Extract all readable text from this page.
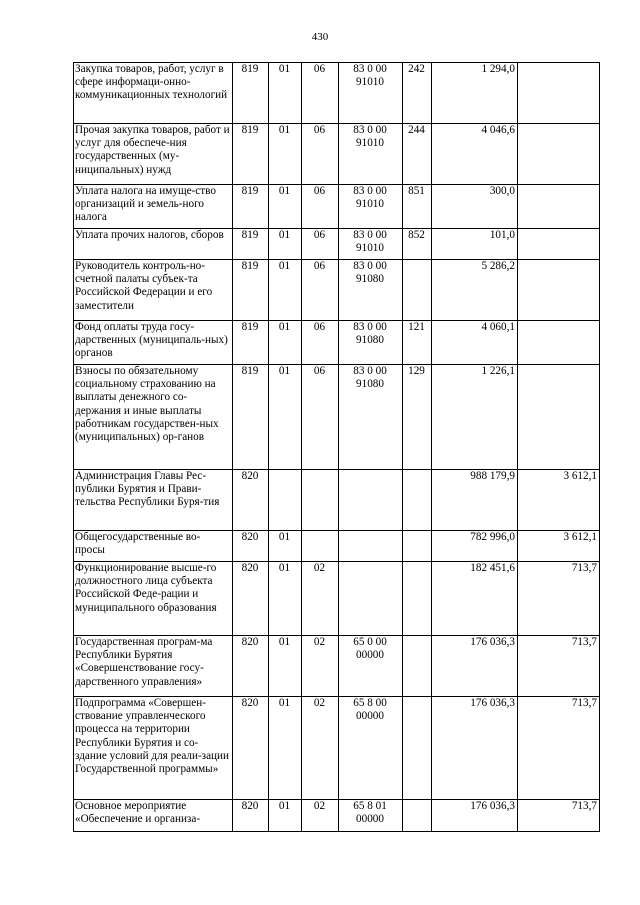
430
Закупка товаров, работ, услуг в сфере информаци-онно-коммуникационных технологий	819	01	06	83 0 00 91010	242	1 294,0	
Прочая закупка товаров, работ и услуг для обеспече-ния государственных (му-ниципальных) нужд	819	01	06	83 0 00 91010	244	4 046,6	
Уплата налога на имуще-ство организаций и земель-ного налога	819	01	06	83 0 00 91010	851	300,0	
Уплата прочих налогов, сборов	819	01	06	83 0 00 91010	852	101,0	
Руководитель контроль-но-счетной палаты субъек-та Российской Федерации и его заместители	819	01	06	83 0 00 91080		5 286,2	
Фонд оплаты труда госу-дарственных (муниципаль-ных) органов	819	01	06	83 0 00 91080	121	4 060,1	
Взносы по обязательному социальному страхованию на выплаты денежного со-держания и иные выплаты работникам государствен-ных (муниципальных) ор-ганов	819	01	06	83 0 00 91080	129	1 226,1	
Администрация Главы Рес-публики Бурятия и Прави-тельства Республики Буря-тия	820					988 179,9	3 612,1
Общегосударственные во-просы	820	01				782 996,0	3 612,1
Функционирование высше-го должностного лица субъекта Российской Феде-рации и муниципального образования	820	01	02			182 451,6	713,7
Государственная програм-ма Республики Бурятия «Совершенствование госу-дарственного управления»	820	01	02	65 0 00 00000		176 036,3	713,7
Подпрограмма «Совершен-ствование управленческого процесса на территории Республики Бурятия и со-здание условий для реали-зации Государственной программы»	820	01	02	65 8 00 00000		176 036,3	713,7
Основное мероприятие «Обеспечение и организа-	820	01	02	65 8 01 00000		176 036,3	713,7
